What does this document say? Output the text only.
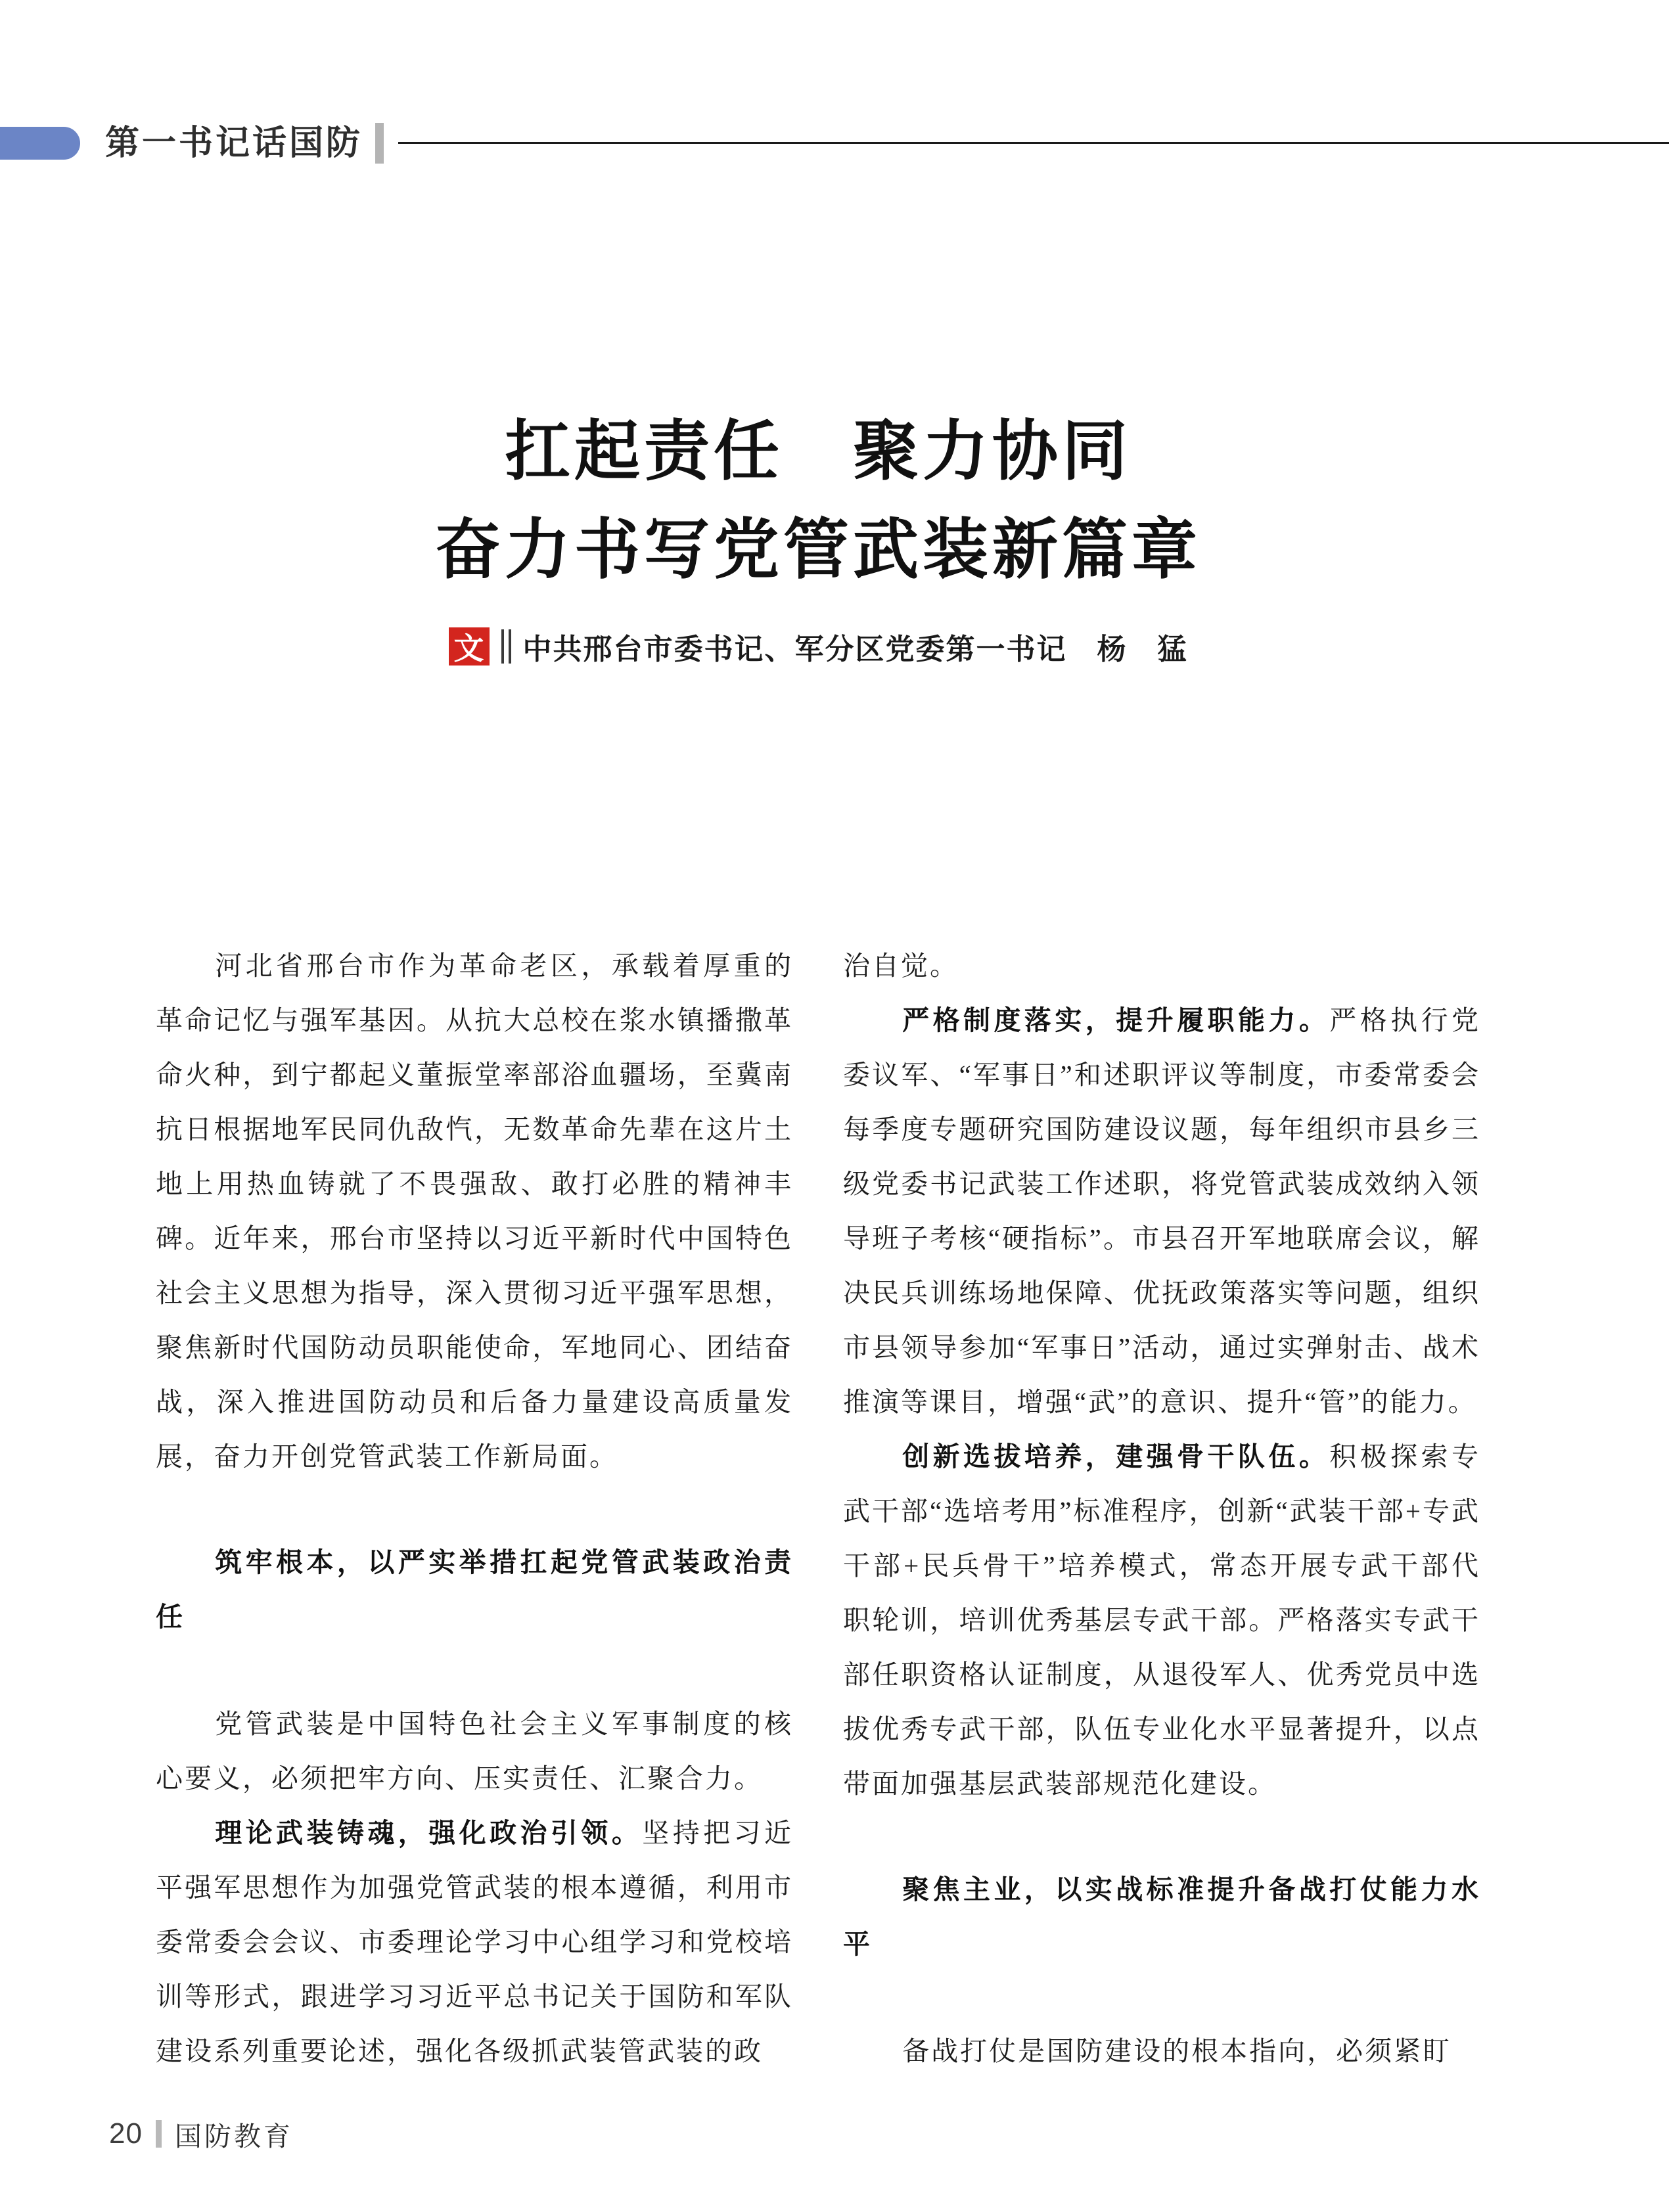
第一书记话国防
扛起责任　聚力协同
奋力书写党管武装新篇章
文 中共邢台市委书记、军分区党委第一书记　杨　猛
河北省邢台市作为革命老区，承载着厚重的革命记忆与强军基因。从抗大总校在浆水镇播撒革命火种，到宁都起义董振堂率部浴血疆场，至冀南抗日根据地军民同仇敌忾，无数革命先辈在这片土地上用热血铸就了不畏强敌、敢打必胜的精神丰碑。近年来，邢台市坚持以习近平新时代中国特色社会主义思想为指导，深入贯彻习近平强军思想，聚焦新时代国防动员职能使命，军地同心、团结奋战，深入推进国防动员和后备力量建设高质量发展，奋力开创党管武装工作新局面。
筑牢根本，以严实举措扛起党管武装政治责任
党管武装是中国特色社会主义军事制度的核心要义，必须把牢方向、压实责任、汇聚合力。
理论武装铸魂，强化政治引领。坚持把习近平强军思想作为加强党管武装的根本遵循，利用市委常委会会议、市委理论学习中心组学习和党校培训等形式，跟进学习习近平总书记关于国防和军队建设系列重要论述，强化各级抓武装管武装的政
治自觉。
严格制度落实，提升履职能力。严格执行党委议军、“军事日”和述职评议等制度，市委常委会每季度专题研究国防建设议题，每年组织市县乡三级党委书记武装工作述职，将党管武装成效纳入领导班子考核“硬指标”。市县召开军地联席会议，解决民兵训练场地保障、优抚政策落实等问题，组织市县领导参加“军事日”活动，通过实弹射击、战术推演等课目，增强“武”的意识、提升“管”的能力。
创新选拔培养，建强骨干队伍。积极探索专武干部“选培考用”标准程序，创新“武装干部+专武干部+民兵骨干”培养模式，常态开展专武干部代职轮训，培训优秀基层专武干部。严格落实专武干部任职资格认证制度，从退役军人、优秀党员中选拔优秀专武干部，队伍专业化水平显著提升，以点带面加强基层武装部规范化建设。
聚焦主业，以实战标准提升备战打仗能力水平
备战打仗是国防建设的根本指向，必须紧盯
20 国防教育
